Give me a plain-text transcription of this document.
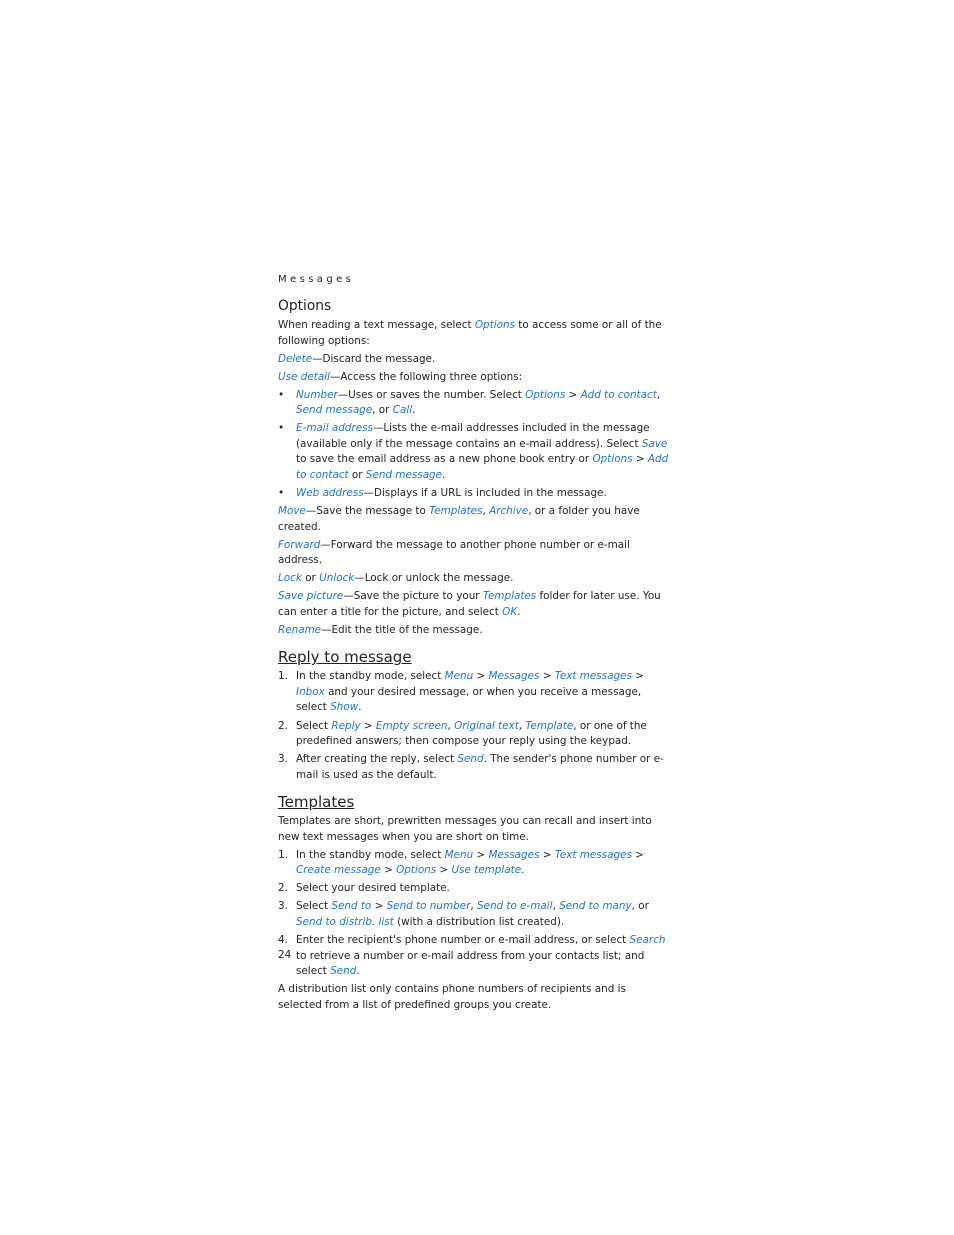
Messages
Options
When reading a text message, select Options to access some or all of the following options:
Delete—Discard the message.
Use detail—Access the following three options:
• Number—Uses or saves the number. Select Options > Add to contact,
Send message, or Call.
• E-mail address—Lists the e-mail addresses included in the message (available only if the message contains an e-mail address). Select Save to save the email address as a new phone book entry or Options > Add to contact or Send message.
• Web address—Displays if a URL is included in the message.
Move—Save the message to Templates, Archive, or a folder you have created.
Forward—Forward the message to another phone number or e-mail address.
Lock or Unlock—Lock or unlock the message.
Save picture—Save the picture to your Templates folder for later use. You can enter a title for the picture, and select OK.
Rename—Edit the title of the message.
Reply to message
1. In the standby mode, select Menu > Messages > Text messages > Inbox and your desired message, or when you receive a message, select Show.
2. Select Reply > Empty screen, Original text, Template, or one of the predefined answers; then compose your reply using the keypad.
3. After creating the reply, select Send. The sender's phone number or e-mail is used as the default.
Templates
Templates are short, prewritten messages you can recall and insert into new text messages when you are short on time.
1. In the standby mode, select Menu > Messages > Text messages > Create message > Options > Use template.
2. Select your desired template.
3. Select Send to > Send to number, Send to e-mail, Send to many, or Send to distrib. list (with a distribution list created).
4. Enter the recipient's phone number or e-mail address, or select Search to retrieve a number or e-mail address from your contacts list; and select Send.
A distribution list only contains phone numbers of recipients and is selected from a list of predefined groups you create.
24
